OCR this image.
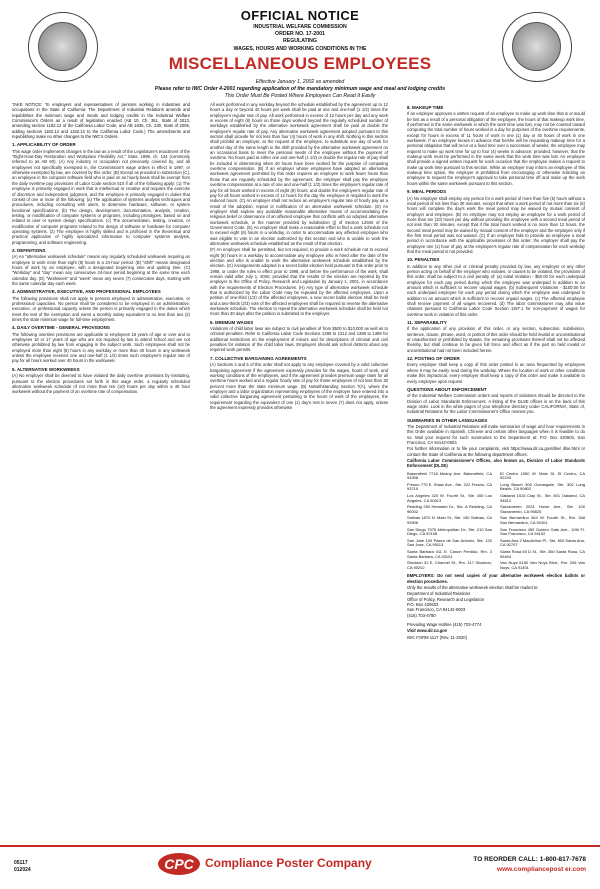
OFFICIAL NOTICE
INDUSTRIAL WELFARE COMMISSION
ORDER NO. 17-2001
REGULATING
WAGES, HOURS AND WORKING CONDITIONS IN THE
MISCELLANEOUS EMPLOYEES
Effective January 1, 2002 as amended
Please refer to IWC Order 4-2001 regarding application of the mandatory minimum wage and meal and lodging credits
This Order Must Be Posted Where Employees Can Read It Easily

TAKE NOTICE: To employers and representatives of persons working in industries and occupations in the State of California: The Department of Industrial Relations amends and republishes the minimum wage and meals and lodging credits in the Industrial Welfare Commission's Orders as a result of legislation enacted (AB 10, Ch. 351, Stats of 2013, amending section 1182.12 of the California Labor Code, and AB 1835, Ch. 230, Stats of 2006, adding sections 1182.12 and 1182.13 to the California Labor Code.) The amendments and republishing make no other changes to the IWC's Orders.

1. APPLICABILITY OF ORDER

This wage order implements changes in the law as a result of the Legislature's enactment of the "Eight-Hour-Day Restoration and Workplace Flexibility Act," Stats. 1999, ch. 134 (commonly referred to as AB 60). (A) Any industry or occupation not previously covered by, and all employees not specifically exempted in, the Commission's wage orders in effect in 1997, or otherwise exempted by law, are covered by this order. (B) Except as provided in subsection (C), an employee in the computer software field who is paid on an hourly basis shall be exempt from the daily overtime pay provisions of Labor Code section 510 if all of the following apply: (1) The employee is primarily engaged in work that is intellectual or creative and requires the exercise of discretion and independent judgment, and the employee is primarily engaged in duties that consist of one or more of the following: (a) The application of systems analysis techniques and procedures, including consulting with users, to determine hardware, software, or system functional specifications. (b) The design, development, documentation, analysis, creation, testing, or modification of computer systems or programs, including prototypes, based on and related to user or system design specifications. (c) The documentation, testing, creation, or modification of computer programs related to the design of software or hardware for computer operating systems. (2) The employee is highly skilled and is proficient in the theoretical and practical application of highly specialized information to computer systems analysis, programming, and software engineering.

2. DEFINITIONS

(A) An "alternative workweek schedule" means any regularly scheduled workweek requiring an employee to work more than eight (8) hours in a 24-hour period. (B) "Shift" means designated hours of work by an employee, with a designated beginning time and quitting time. (C) "Workday" and "day" mean any consecutive 24-hour period beginning at the same time each calendar day. (D) "Workweek" and "week" mean any seven (7) consecutive days, starting with the same calendar day each week.

3. ADMINISTRATIVE, EXECUTIVE, AND PROFESSIONAL EMPLOYEES

The following provisions shall not apply to persons employed in administrative, executive, or professional capacities. No person shall be considered to be employed in an administrative, executive, or professional capacity unless the person is primarily engaged in the duties which meet the test of the exemption and earns a monthly salary equivalent to no less than two (2) times the state minimum wage for full-time employment.

4. DAILY OVERTIME - GENERAL PROVISIONS

The following overtime provisions are applicable to employees 18 years of age or over and to employees 16 or 17 years of age who are not required by law to attend school and are not otherwise prohibited by law from engaging in the subject work. Such employees shall not be employed more than eight (8) hours in any workday or more than 40 hours in any workweek unless the employee receives one and one-half (1 1/2) times such employee's regular rate of pay for all hours worked over 40 hours in the workweek.

5. ALTERNATIVE WORKWEEKS

(A) No employer shall be deemed to have violated the daily overtime provisions by instituting, pursuant to the election procedures set forth in this wage order, a regularly scheduled alternative workweek schedule of not more than ten (10) hours per day within a 40 hour workweek without the payment of an overtime rate of compensation.

All work performed in any workday beyond the schedule established by the agreement up to 12 hours a day or beyond 40 hours per week shall be paid at one and one-half (1 1/2) times the employee's regular rate of pay. All work performed in excess of 12 hours per day and any work in excess of eight (8) hours on those days worked beyond the regularly scheduled number of workdays established by the alternative workweek agreement shall be paid at double the employee's regular rate of pay. Any alternative workweek agreement adopted pursuant to this section shall provide for not less than four (4) hours of work in any shift. Nothing in this section shall prohibit an employer, at the request of the employee, to substitute one day of work for another day of the same length in the shift provided by the alternative workweek agreement on an occasional basis to meet the personal needs of the employee without the payment of overtime. No hours paid at either one and one-half (1 1/2) or double the regular rate of pay shall be included in determining when 40 hours have been worked for the purpose of computing overtime compensation. (B) If an employer whose employees have adopted an alternative workweek agreement permitted by this order requires an employee to work fewer hours than those that are regularly scheduled by the agreement, the employer shall pay the employee overtime compensation at a rate of one and one-half (1 1/2) times the employee's regular rate of pay for all hours worked in excess of eight (8) hours, and double the employee's regular rate of pay for all hours worked in excess of 12 hours for the day the employee is required to work the reduced hours. (C) An employer shall not reduce an employee's regular rate of hourly pay as a result of the adoption, repeal or nullification of an alternative workweek schedule. (D) An employer shall explore any available reasonable alternative means of accommodating the religious belief or observance of an affected employee that conflicts with an adopted alternative workweek schedule, in the manner provided by subdivision (j) of Section 12940 of the Government Code. (E) An employer shall make a reasonable effort to find a work schedule not to exceed eight (8) hours in a workday, in order to accommodate any affected employee who was eligible to vote in an election authorized by this section and who is unable to work the alternative workweek schedule established as the result of that election.

(F) An employer shall be permitted, but not required, to provide a work schedule not to exceed eight (8) hours in a workday to accommodate any employee who is hired after the date of the election and who is unable to work the alternative workweek schedule established by the election. (G) Arrangements adopted in a secret ballot election held pursuant to this order prior to 1998, or under the rules in effect prior to 1998, and before the performance of the work, shall remain valid after July 1, 2000, provided that the results of the election are reported by the employer to the Office of Policy, Research and Legislation by January 1, 2001, in accordance with the requirements of Election Procedures. (H) Any type of alternative workweek schedule that is authorized by the Labor Code may be repealed by the affected employees. Upon a petition of one-third (1/3) of the affected employees, a new secret ballot election shall be held and a two-thirds (2/3) vote of the affected employees shall be required to reverse the alternative workweek schedule. The election to repeal the alternative workweek schedule shall be held not more than 30 days after the petition is submitted to the employer.

6. MINIMUM WAGES

Violations of child labor laws are subject to civil penalties of from $500 to $10,000 as well as to criminal penalties. Refer to California Labor Code Sections 1285 to 1312 and 1390 to 1399 for additional restrictions on the employment of minors and for descriptions of criminal and civil penalties for violation of the child labor laws. Employers should ask school districts about any required work permits.

7. COLLECTIVE BARGAINING AGREEMENTS

(A) Sections 4 and 5 of this order shall not apply to any employee covered by a valid collective bargaining agreement if the agreement expressly provides for the wages, hours of work, and working conditions of the employees, and if the agreement provides premium wage rates for all overtime hours worked and a regular hourly rate of pay for those employees of not less than 30 percent more than the state minimum wage. (B) Notwithstanding Section 7(A), where the employer and a labor organization representing employees of the employer have entered into a valid collective bargaining agreement pertaining to the hours of work of the employees, the requirement regarding the equivalent of one (1) day's rest in seven (7) does not apply, unless the agreement expressly provides otherwise.

8. MAKEUP TIME

If an employer approves a written request of an employee to make up work time that is or would be lost as a result of a personal obligation of the employee, the hours of that makeup work time, if performed in the same workweek in which the work time was lost, may not be counted toward computing the total number of hours worked in a day for purposes of the overtime requirements, except for hours in excess of 11 hours of work in one (1) day or 40 hours of work in one workweek. If an employee knows in advance that he/she will be requesting makeup time for a personal obligation that will recur at a fixed time over a succession of weeks, the employee may request to make up work time for up to four (4) weeks in advance; provided, however, that the makeup work must be performed in the same week that the work time was lost. An employee shall provide a signed written request for each occasion that the employee makes a request to make up work time pursuant to this section. While an employer may inform an employee of this makeup time option, the employer is prohibited from encouraging or otherwise soliciting an employee to request the employer's approval to take personal time off and make up the work hours within the same workweek pursuant to this section.

9. MEAL PERIODS

(A) No employer shall employ any person for a work period of more than five (5) hours without a meal period of not less than 30 minutes, except that when a work period of not more than six (6) hours will complete the day's work the meal period may be waived by mutual consent of employer and employee. (B) An employer may not employ an employee for a work period of more than ten (10) hours per day without providing the employee with a second meal period of not less than 30 minutes, except that if the total hours worked is no more than 12 hours, the second meal period may be waived by mutual consent of the employer and the employee only if the first meal period was not waived. (C) If an employer fails to provide an employee a meal period in accordance with the applicable provisions of this order, the employer shall pay the employee one (1) hour of pay at the employee's regular rate of compensation for each workday that the meal period is not provided.

10. PENALTIES

In addition to any other civil or criminal penalty provided by law, any employer or any other person acting on behalf of the employer who violates, or causes to be violated, the provisions of this order, shall be subject to a civil penalty of: (a) Initial Violation - $50.00 for each underpaid employee for each pay period during which the employee was underpaid in addition to an amount which is sufficient to recover unpaid wages. (b) Subsequent Violations - $100.00 for each underpaid employee for each pay period during which the employee was underpaid in addition to an amount which is sufficient to recover unpaid wages. (c) The affected employee shall receive payment of all wages recovered. (d) The labor commissioner may also issue citations pursuant to California Labor Code Section 1197.1 for non-payment of wages for overtime work in violation of this order.

11. SEPARABILITY

If the application of any provision of this order, or any section, subsection, subdivision, sentence, clause, phrase, word, or portion of this order should be held invalid or unconstitutional or unauthorized or prohibited by statute, the remaining provisions thereof shall not be affected thereby, but shall continue to be given full force and effect as if the part so held invalid or unconstitutional had not been included herein.

12. POSTING OF ORDER

Every employer shall keep a copy of this order posted in an area frequented by employees where it may be easily read during the workday. Where the location of work or other conditions make this impractical, every employer shall keep a copy of this order and make it available to every employee upon request.

QUESTIONS ABOUT ENFORCEMENT

of the Industrial Welfare Commission orders and reports of violations should be directed to the Division of Labor Standards Enforcement. A listing of the DLSE offices is on the back of this wage order. Look in the white pages of your telephone directory under CALIFORNIA, State of, Industrial Relations for the Labor Commissioner's Office nearest you.

SUMMARIES IN OTHER LANGUAGES

The Department of Industrial Relations will make summaries of wage and hour requirements in this Order available in Spanish, Chinese and certain other languages when it is feasible to do so. Mail your request for such summaries to the Department at: P.O. Box 420603, San Francisco, CA 94142-0603.

For further information or to file your complaints, visit https://www.dir.ca.gov/dlse/ dlse.html or contact the State of California at the following department offices:

California Labor Commissioner's Offices, also known as, Division of Labor Standards Enforcement (DLSE)

Bakersfield 7718 Meany Ave. Bakersfield, CA 93308
El Centro 1550 W. Main St. El Centro, CA 92243
Fresno 770 E. Shaw Ave., Ste. 222 Fresno, CA 93710
Long Beach 300 Oceangate, Ste. 302 Long Beach, CA 90802
Los Angeles 320 W. Fourth St., Ste. 450 Los Angeles, CA 90013
Oakland 1515 Clay St., Ste. 801 Oakland, CA 94612
Redding 250 Hemsted Dr., Ste. A Redding, CA 96002
Sacramento 2031 Howe Ave., Ste. 100 Sacramento, CA 95825
Salinas 1870 N. Main St., Ste. 150 Salinas, CA 93906
San Bernardino 464 W. Fourth St., Rm. 348 San Bernardino, CA 92401
San Diego 7575 Metropolitan Dr., Ste. 210 San Diego, CA 92108
San Francisco 455 Golden Gate Ave., 10th Fl. San Francisco, CA 94102
San Jose 100 Paseo de San Antonio, Ste. 120 San Jose, CA 95113
Santa Ana 2 MacArthur Pl., Ste. 800 Santa Ana, CA 92707
Santa Barbara 411 E. Canon Perdido, Rm. 3 Santa Barbara, CA 93101
Santa Rosa 50 D St., Ste. 360 Santa Rosa, CA 95404
Stockton 31 E. Channel St., Rm. 317 Stockton, CA 95202
Van Nuys 6150 Van Nuys Blvd., Rm. 206 Van Nuys, CA 91401

EMPLOYERS: Do not send copies of your alternative workweek election ballots or election procedures.

Only the results of the alternative workweek election shall be mailed to:

Department of Industrial Relations
Office of Policy, Research and Legislation
P.O. Box 420603
San Francisco, CA 94142-0603
(415) 703-4780

Prevailing Wage Hotline (415) 703-4774

Visit www.dir.ca.gov

IWC FORM 1117 (Rev. 11-2020)

05117
012024	CPC Compliance Poster Company	TO REORDER CALL: 1-800-817-7678
www.compliancepost er.com
